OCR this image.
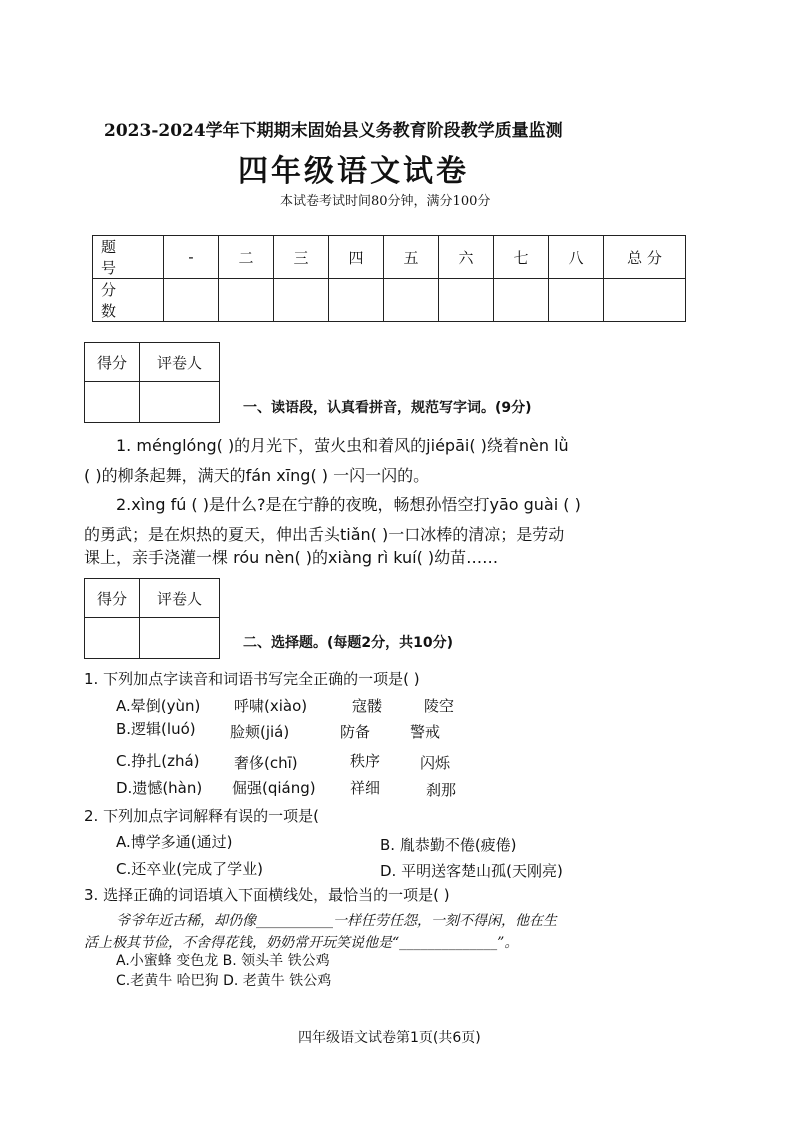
2023-2024学年下期期末固始县义务教育阶段教学质量监测
四年级语文试卷
本试卷考试时间80分钟，满分100分
题 号	-	二	三	四	五	六	七	八	总 分
分 数									
得分	评卷人

一、读语段，认真看拼音，规范写字词。(9分)
1. ménglóng( )的月光下，萤火虫和着风的jiépāi( )绕着nèn lǜ
( )的柳条起舞，满天的fán xīng( ) 一闪一闪的。
2.xìng fú ( )是什么?是在宁静的夜晚，畅想孙悟空打yāo guài ( )
的勇武；是在炽热的夏天，伸出舌头tiǎn( )一口冰棒的清凉；是劳动
课上，亲手浇灌一棵 róu nèn( )的xiàng rì kuí( )幼苗……
得分	评卷人

二、选择题。(每题2分，共10分)
1. 下列加点字读音和词语书写完全正确的一项是( )
A.晕倒(yùn) 呼啸(xiào)	寇髅	陵空
B.逻辑(luó) 脸颊(jiá)	防备	警戒
C.挣扎(zhá) 奢侈(chī)	秩序	闪烁
D.遗憾(hàn) 倔强(qiáng) 祥细	刹那
2. 下列加点字词解释有误的一项是(
A.博学多通(通过)	B. 胤恭勤不倦(疲倦)
C.还卒业(完成了学业)	D. 平明送客楚山孤(天刚亮)
3. 选择正确的词语填入下面横线处，最恰当的一项是( )
爷爷年近古稀，却仍像___________一样任劳任怨，一刻不得闲，他在生
活上极其节俭，不舍得花钱，奶奶常开玩笑说他是“______________”。
A.小蜜蜂 变色龙 B. 领头羊 铁公鸡
C.老黄牛 哈巴狗 D. 老黄牛 铁公鸡
四年级语文试卷第1页(共6页)
